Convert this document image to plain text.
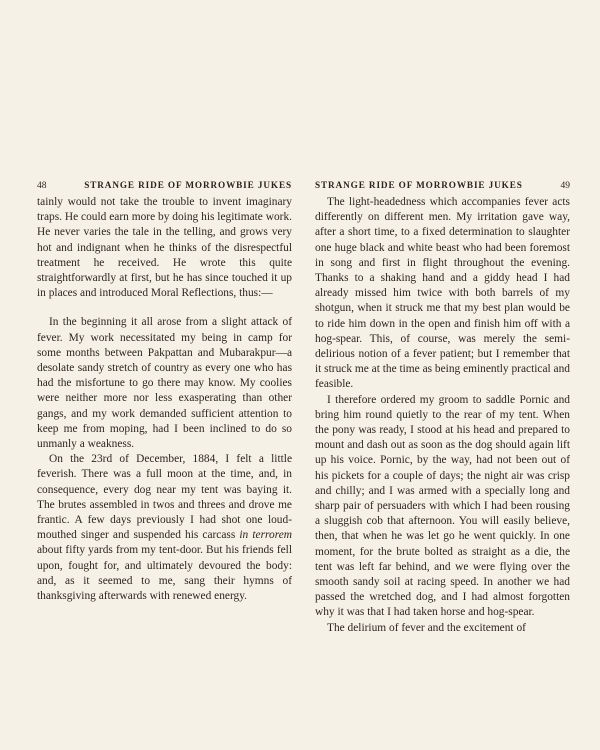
48	STRANGE RIDE OF MORROWBIE JUKES

tainly would not take the trouble to invent imaginary traps. He could earn more by doing his legitimate work. He never varies the tale in the telling, and grows very hot and indignant when he thinks of the disrespectful treatment he received. He wrote this quite straightforwardly at first, but he has since touched it up in places and introduced Moral Reflections, thus:—

In the beginning it all arose from a slight attack of fever. My work necessitated my being in camp for some months between Pakpattan and Mubarakpur—a desolate sandy stretch of country as every one who has had the misfortune to go there may know. My coolies were neither more nor less exasperating than other gangs, and my work demanded sufficient attention to keep me from moping, had I been inclined to do so unmanly a weakness.

On the 23rd of December, 1884, I felt a little feverish. There was a full moon at the time, and, in consequence, every dog near my tent was baying it. The brutes assembled in twos and threes and drove me frantic. A few days previously I had shot one loud-mouthed singer and suspended his carcass in terrorem about fifty yards from my tent-door. But his friends fell upon, fought for, and ultimately devoured the body: and, as it seemed to me, sang their hymns of thanksgiving afterwards with renewed energy.

STRANGE RIDE OF MORROWBIE JUKES	49

The light-headedness which accompanies fever acts differently on different men. My irritation gave way, after a short time, to a fixed determination to slaughter one huge black and white beast who had been foremost in song and first in flight throughout the evening. Thanks to a shaking hand and a giddy head I had already missed him twice with both barrels of my shotgun, when it struck me that my best plan would be to ride him down in the open and finish him off with a hog-spear. This, of course, was merely the semi-delirious notion of a fever patient; but I remember that it struck me at the time as being eminently practical and feasible.

I therefore ordered my groom to saddle Pornic and bring him round quietly to the rear of my tent. When the pony was ready, I stood at his head and prepared to mount and dash out as soon as the dog should again lift up his voice. Pornic, by the way, had not been out of his pickets for a couple of days; the night air was crisp and chilly; and I was armed with a specially long and sharp pair of persuaders with which I had been rousing a sluggish cob that afternoon. You will easily believe, then, that when he was let go he went quickly. In one moment, for the brute bolted as straight as a die, the tent was left far behind, and we were flying over the smooth sandy soil at racing speed. In another we had passed the wretched dog, and I had almost forgotten why it was that I had taken horse and hog-spear.

The delirium of fever and the excitement of
